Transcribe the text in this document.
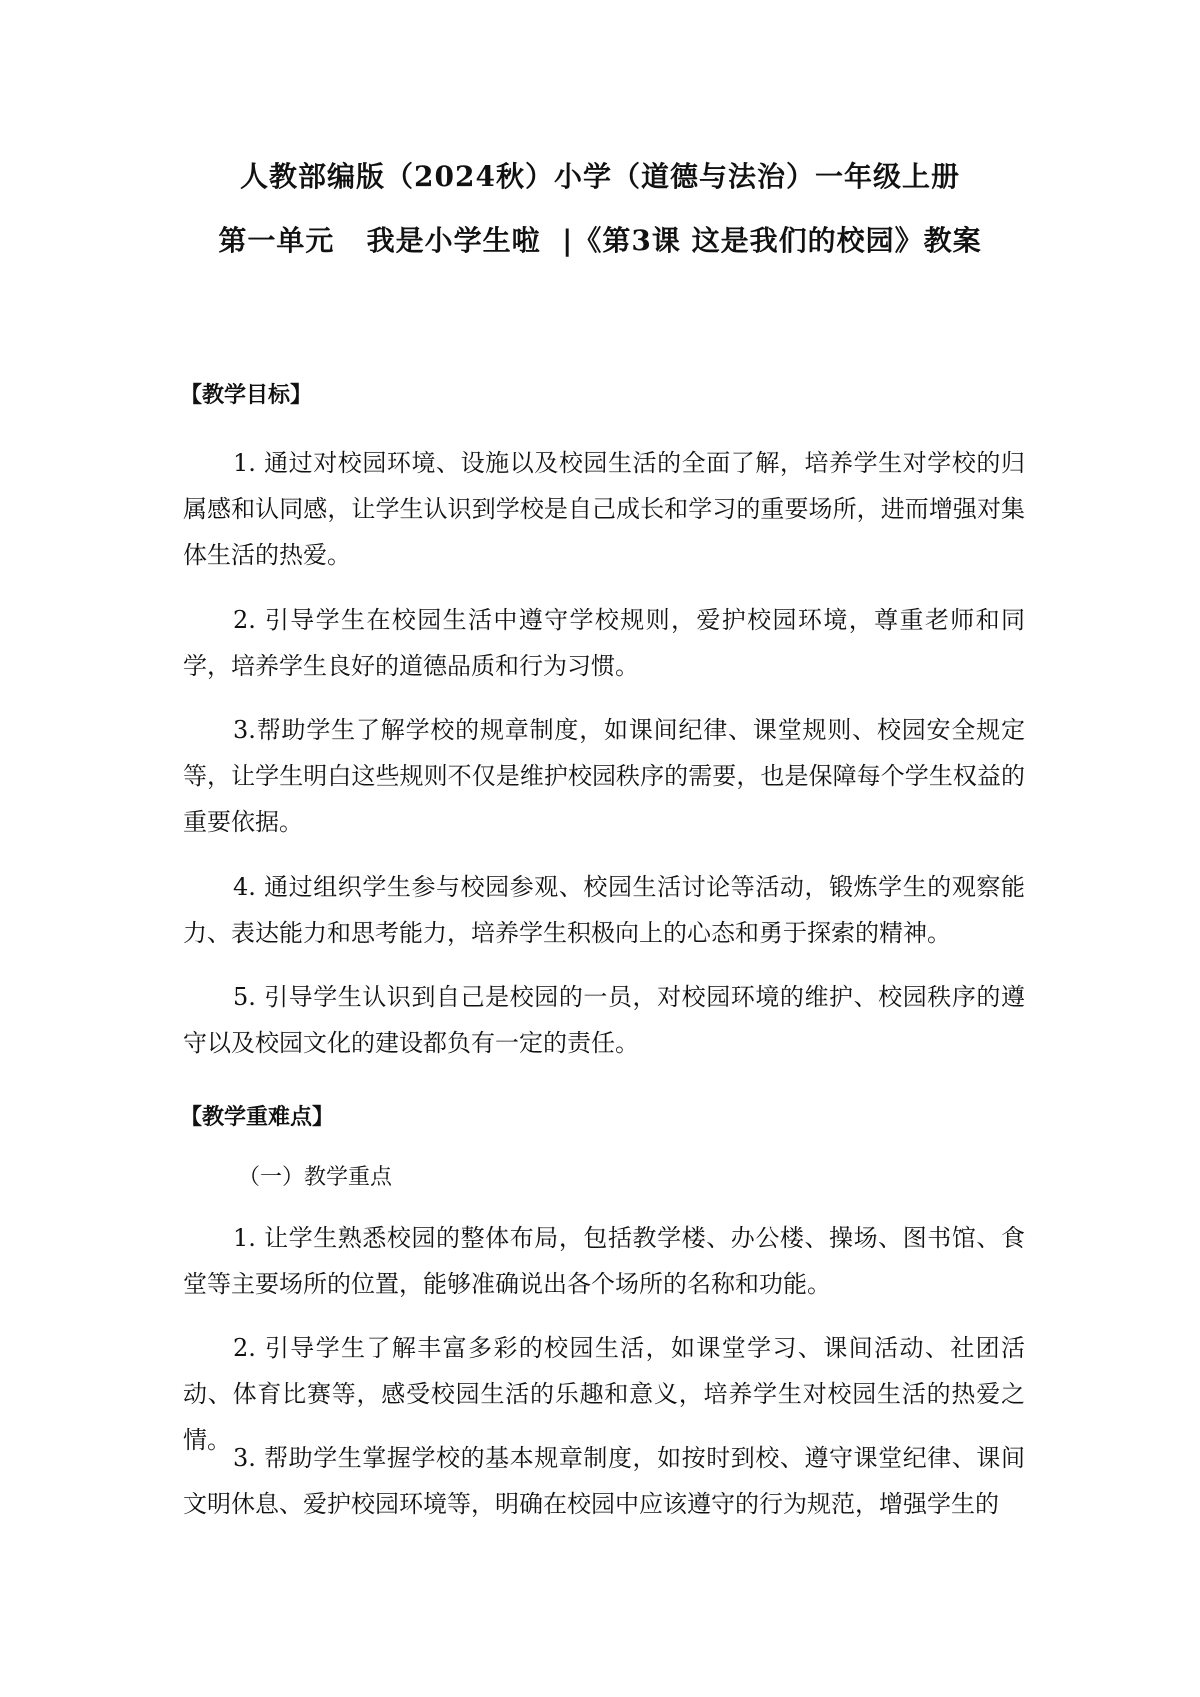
人教部编版（2024秋）小学（道德与法治）一年级上册
第一单元   我是小学生啦  |《第3课 这是我们的校园》教案
【教学目标】

1. 通过对校园环境、设施以及校园生活的全面了解，培养学生对学校的归属感和认同感，让学生认识到学校是自己成长和学习的重要场所，进而增强对集体生活的热爱。

2. 引导学生在校园生活中遵守学校规则，爱护校园环境，尊重老师和同学，培养学生良好的道德品质和行为习惯。

3.帮助学生了解学校的规章制度，如课间纪律、课堂规则、校园安全规定等，让学生明白这些规则不仅是维护校园秩序的需要，也是保障每个学生权益的重要依据。

4. 通过组织学生参与校园参观、校园生活讨论等活动，锻炼学生的观察能力、表达能力和思考能力，培养学生积极向上的心态和勇于探索的精神。

5. 引导学生认识到自己是校园的一员，对校园环境的维护、校园秩序的遵守以及校园文化的建设都负有一定的责任。

【教学重难点】

（一）教学重点

1. 让学生熟悉校园的整体布局，包括教学楼、办公楼、操场、图书馆、食堂等主要场所的位置，能够准确说出各个场所的名称和功能。

2. 引导学生了解丰富多彩的校园生活，如课堂学习、课间活动、社团活动、体育比赛等，感受校园生活的乐趣和意义，培养学生对校园生活的热爱之情。

3. 帮助学生掌握学校的基本规章制度，如按时到校、遵守课堂纪律、课间文明休息、爱护校园环境等，明确在校园中应该遵守的行为规范，增强学生的
